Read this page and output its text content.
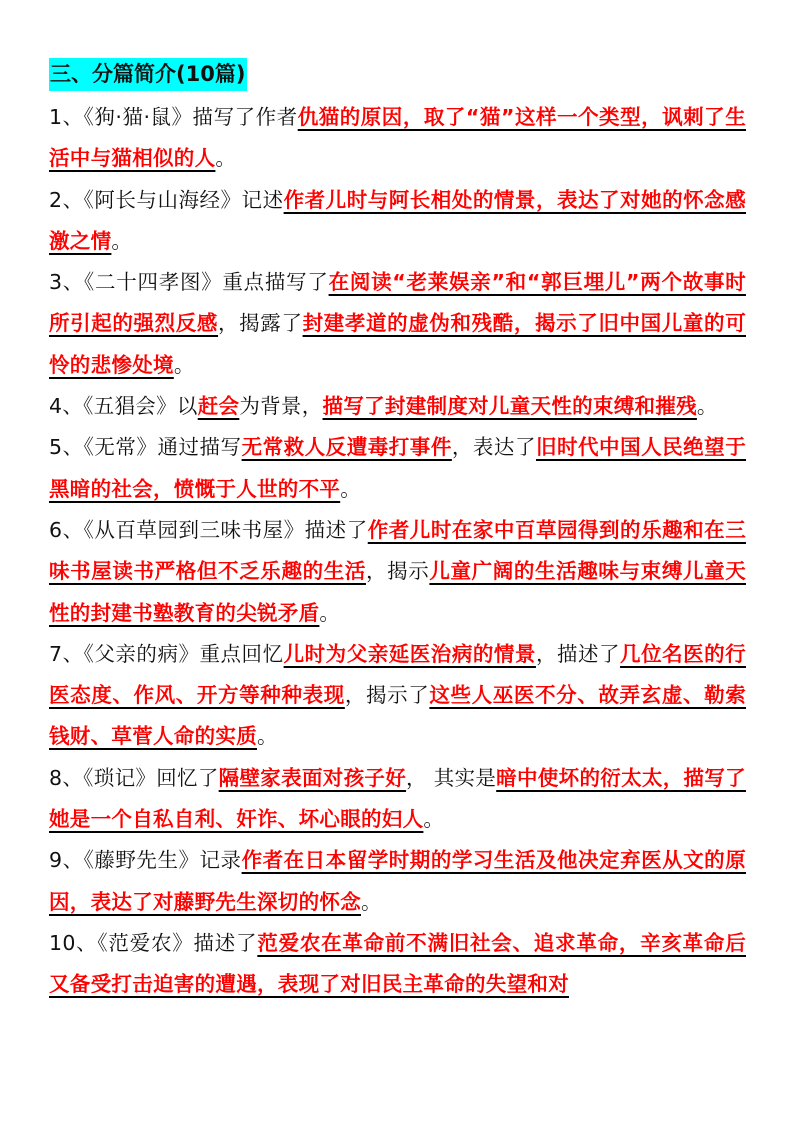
三、分篇简介(10篇)

1、《狗·猫·鼠》描写了作者仇猫的原因，取了“猫”这样一个类型，讽刺了生活中与猫相似的人。

2、《阿长与山海经》记述作者儿时与阿长相处的情景，表达了对她的怀念感激之情。

3、《二十四孝图》重点描写了在阅读“老莱娱亲”和“郭巨埋儿”两个故事时所引起的强烈反感，揭露了封建孝道的虚伪和残酷，揭示了旧中国儿童的可怜的悲惨处境。

4、《五猖会》以赶会为背景，描写了封建制度对儿童天性的束缚和摧残。

5、《无常》通过描写无常救人反遭毒打事件，表达了旧时代中国人民绝望于黑暗的社会，愤慨于人世的不平。

6、《从百草园到三味书屋》描述了作者儿时在家中百草园得到的乐趣和在三味书屋读书严格但不乏乐趣的生活，揭示儿童广阔的生活趣味与束缚儿童天性的封建书塾教育的尖锐矛盾。

7、《父亲的病》重点回忆儿时为父亲延医治病的情景，描述了几位名医的行医态度、作风、开方等种种表现，揭示了这些人巫医不分、故弄玄虚、勒索钱财、草菅人命的实质。

8、《琐记》回忆了隔壁家表面对孩子好， 其实是暗中使坏的衍太太，描写了她是一个自私自利、奸诈、坏心眼的妇人。

9、《藤野先生》记录作者在日本留学时期的学习生活及他决定弃医从文的原因，表达了对藤野先生深切的怀念。

10、《范爱农》描述了范爱农在革命前不满旧社会、追求革命，辛亥革命后又备受打击迫害的遭遇，表现了对旧民主革命的失望和对
